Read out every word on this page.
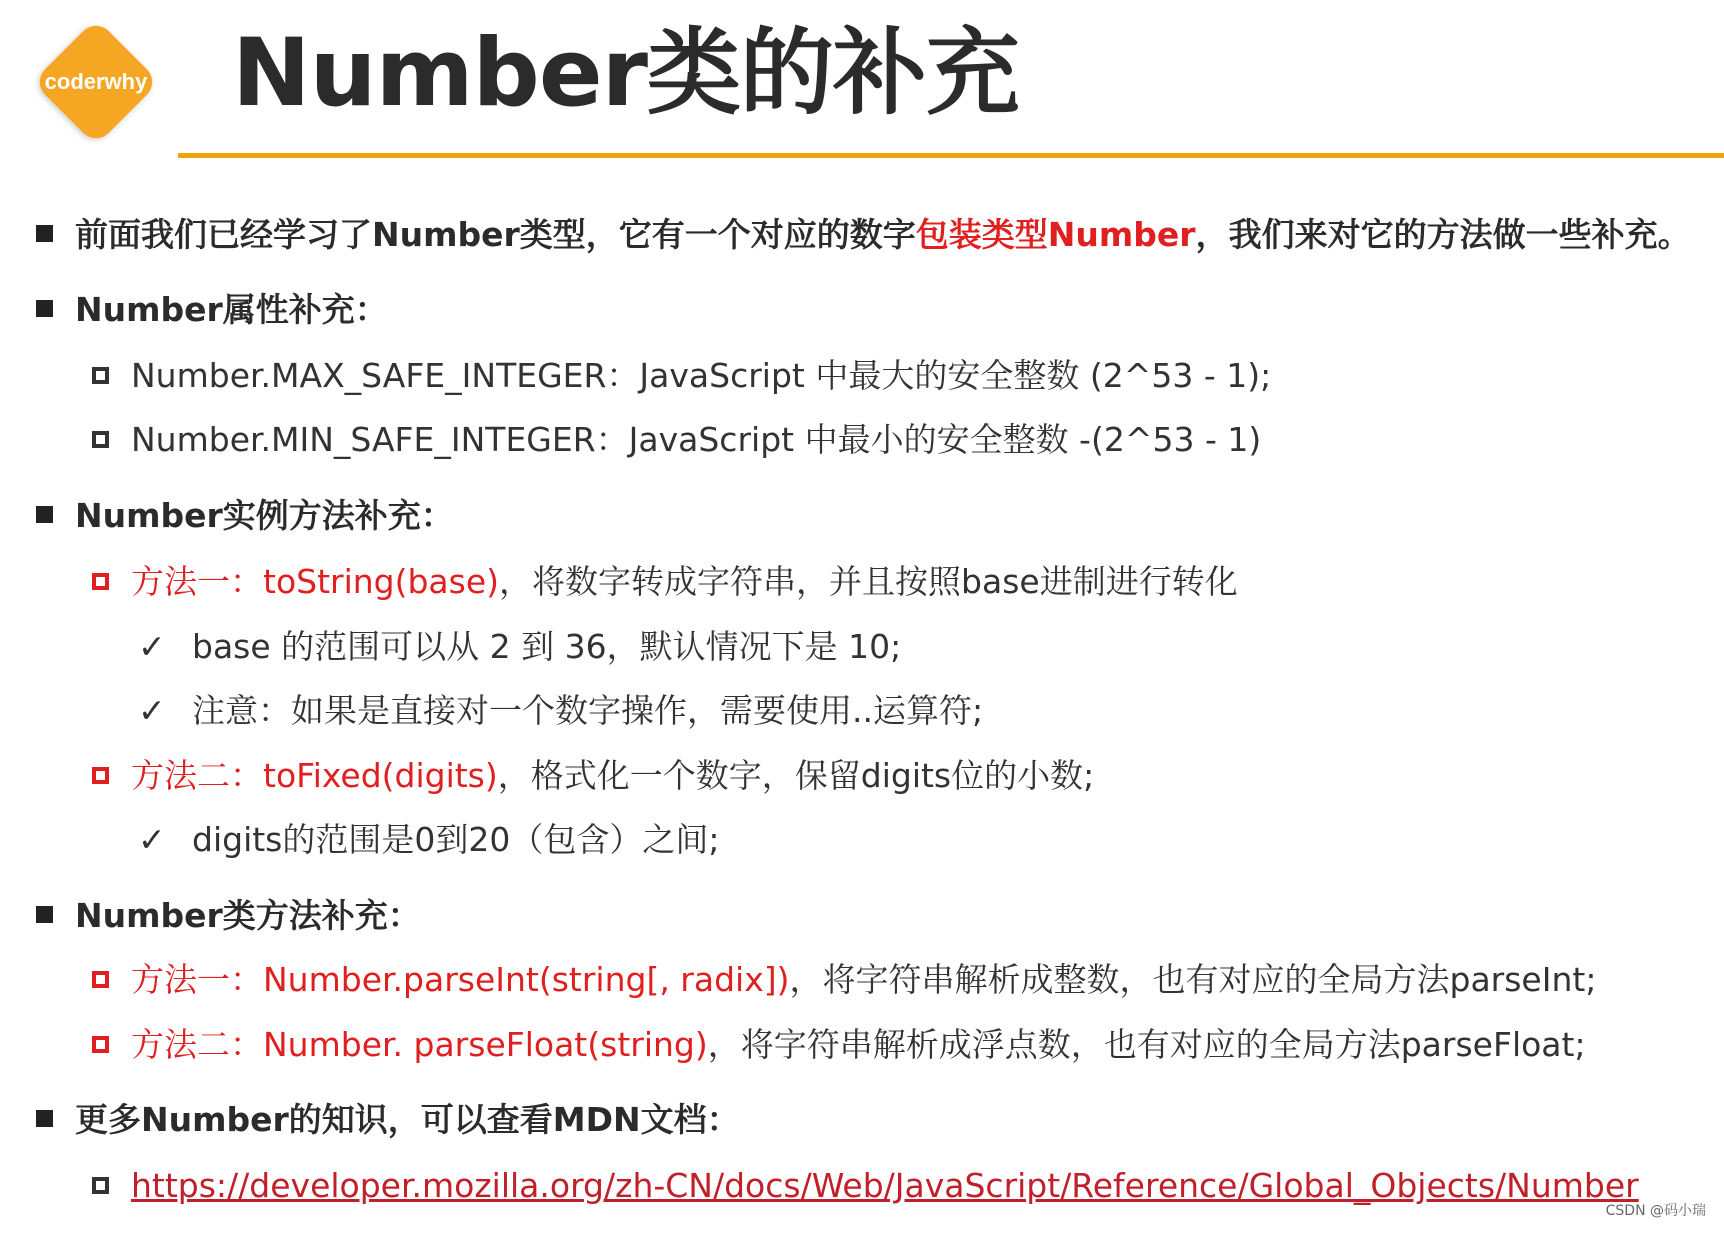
coderwhy Number类的补充
前面我们已经学习了Number类型，它有一个对应的数字包装类型Number，我们来对它的方法做一些补充。
Number属性补充：
Number.MAX_SAFE_INTEGER：JavaScript 中最大的安全整数 (2^53 - 1);
Number.MIN_SAFE_INTEGER：JavaScript 中最小的安全整数 -(2^53 - 1)
Number实例方法补充：
方法一：toString(base)，将数字转成字符串，并且按照base进制进行转化
✓ base 的范围可以从 2 到 36，默认情况下是 10;
✓ 注意：如果是直接对一个数字操作，需要使用..运算符;
方法二：toFixed(digits)，格式化一个数字，保留digits位的小数;
✓ digits的范围是0到20（包含）之间;
Number类方法补充：
方法一：Number.parseInt(string[, radix])，将字符串解析成整数，也有对应的全局方法parseInt;
方法二：Number. parseFloat(string)，将字符串解析成浮点数，也有对应的全局方法parseFloat;
更多Number的知识，可以查看MDN文档：
https://developer.mozilla.org/zh-CN/docs/Web/JavaScript/Reference/Global_Objects/Number
CSDN @码小瑞
